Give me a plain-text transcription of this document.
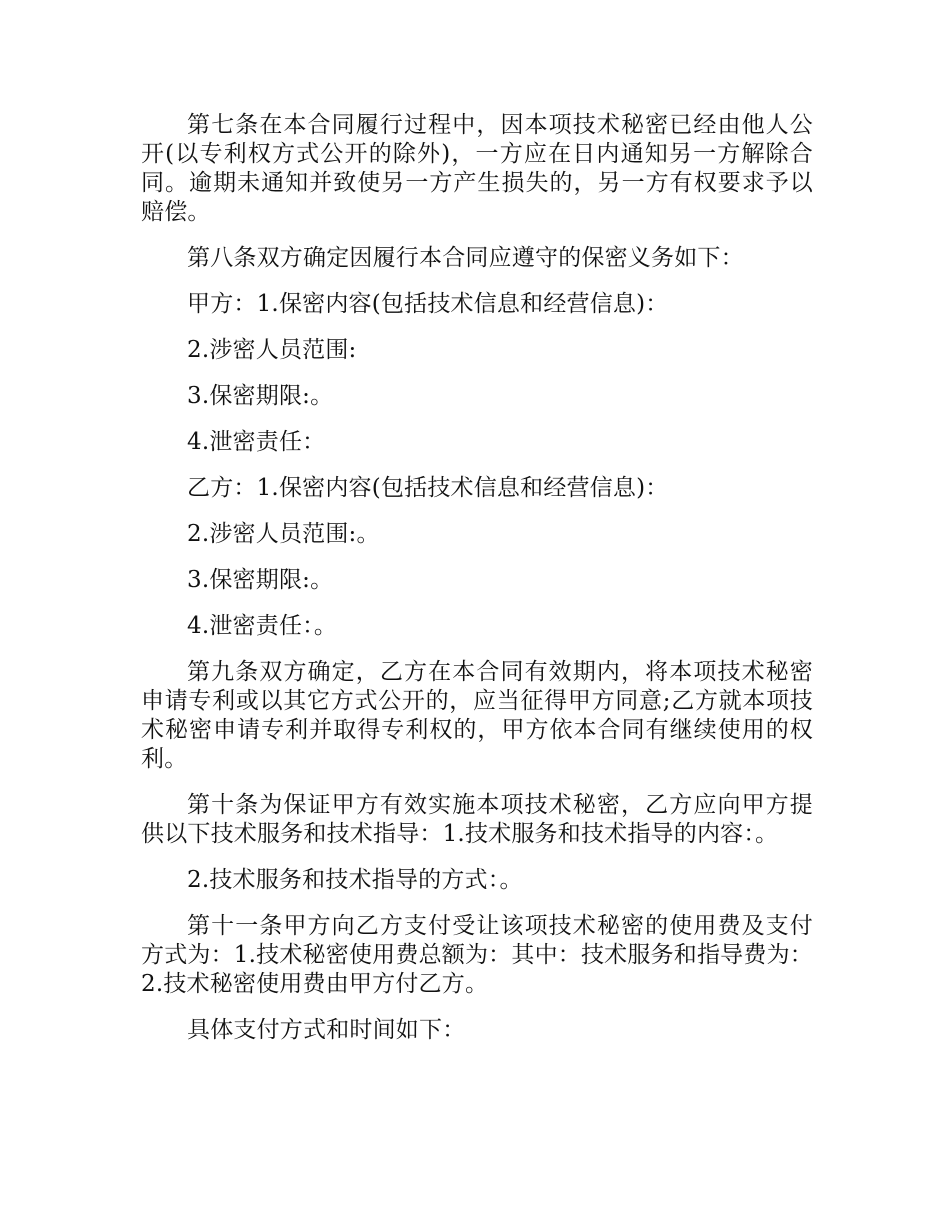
第七条在本合同履行过程中，因本项技术秘密已经由他人公开(以专利权方式公开的除外)，一方应在日内通知另一方解除合同。逾期未通知并致使另一方产生损失的，另一方有权要求予以赔偿。

第八条双方确定因履行本合同应遵守的保密义务如下：

甲方：1.保密内容(包括技术信息和经营信息)：

2.涉密人员范围:

3.保密期限:。

4.泄密责任：

乙方：1.保密内容(包括技术信息和经营信息)：

2.涉密人员范围:。

3.保密期限:。

4.泄密责任：。

第九条双方确定，乙方在本合同有效期内，将本项技术秘密申请专利或以其它方式公开的，应当征得甲方同意;乙方就本项技术秘密申请专利并取得专利权的，甲方依本合同有继续使用的权利。

第十条为保证甲方有效实施本项技术秘密，乙方应向甲方提供以下技术服务和技术指导：1.技术服务和技术指导的内容：。

2.技术服务和技术指导的方式：。

第十一条甲方向乙方支付受让该项技术秘密的使用费及支付方式为：1.技术秘密使用费总额为：其中：技术服务和指导费为：2.技术秘密使用费由甲方付乙方。

具体支付方式和时间如下：
